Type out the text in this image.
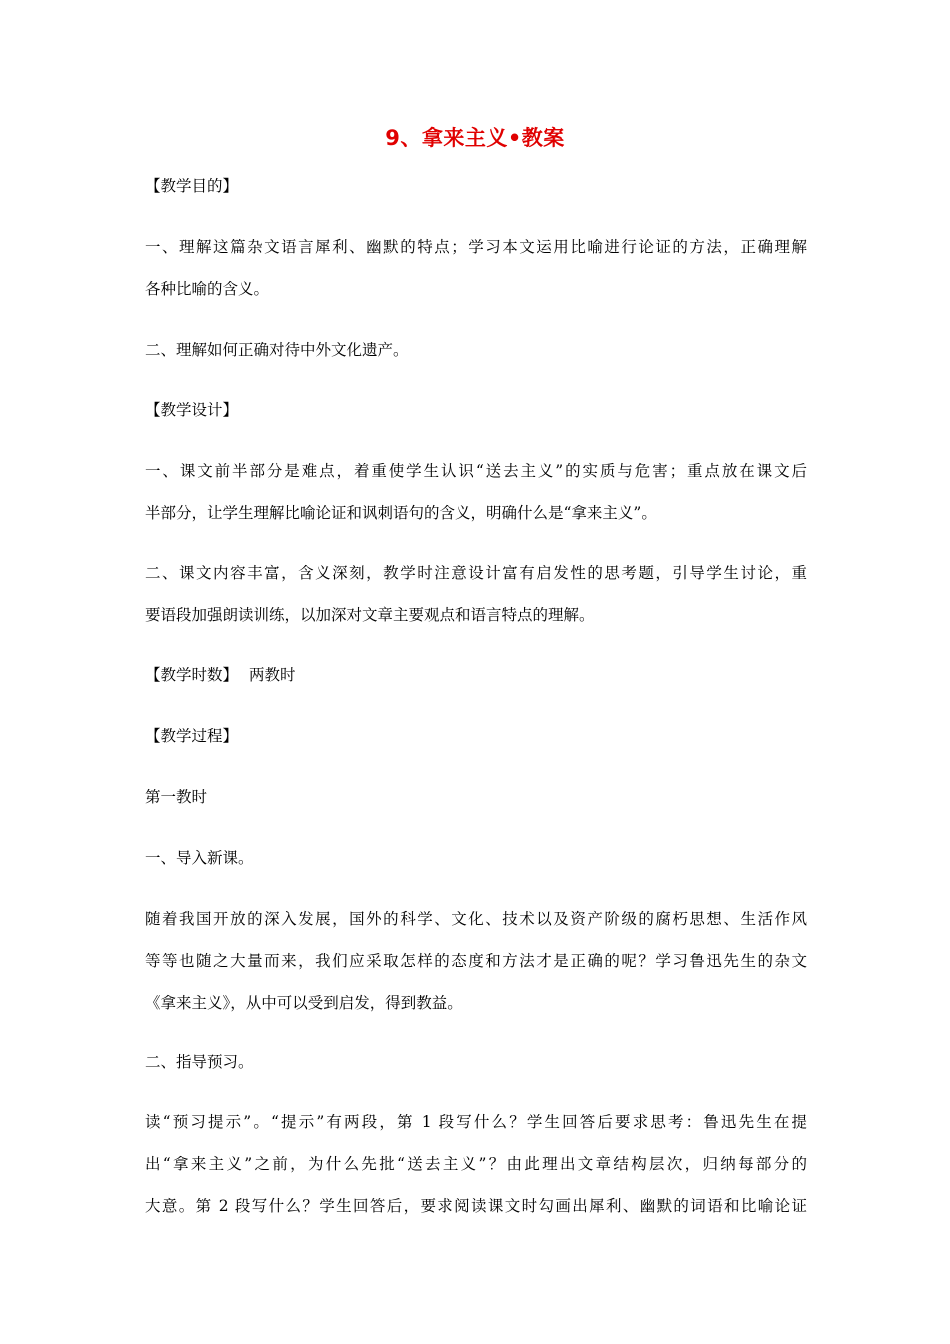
9、拿来主义•教案
【教学目的】
一、理解这篇杂文语言犀利、幽默的特点；学习本文运用比喻进行论证的方法，正确理解
各种比喻的含义。
二、理解如何正确对待中外文化遗产。
【教学设计】
一、课文前半部分是难点，着重使学生认识“送去主义”的实质与危害；重点放在课文后
半部分，让学生理解比喻论证和讽刺语句的含义，明确什么是“拿来主义”。
二、课文内容丰富，含义深刻，教学时注意设计富有启发性的思考题，引导学生讨论，重
要语段加强朗读训练，以加深对文章主要观点和语言特点的理解。
【教学时数】 两教时
【教学过程】
第一教时
一、导入新课。
随着我国开放的深入发展，国外的科学、文化、技术以及资产阶级的腐朽思想、生活作风
等等也随之大量而来，我们应采取怎样的态度和方法才是正确的呢？学习鲁迅先生的杂文
《拿来主义》，从中可以受到启发，得到教益。
二、指导预习。
读“预习提示”。“提示”有两段，第 1 段写什么？学生回答后要求思考：鲁迅先生在提
出“拿来主义”之前，为什么先批“送去主义”？由此理出文章结构层次，归纳每部分的
大意。第 2 段写什么？学生回答后，要求阅读课文时勾画出犀利、幽默的词语和比喻论证
